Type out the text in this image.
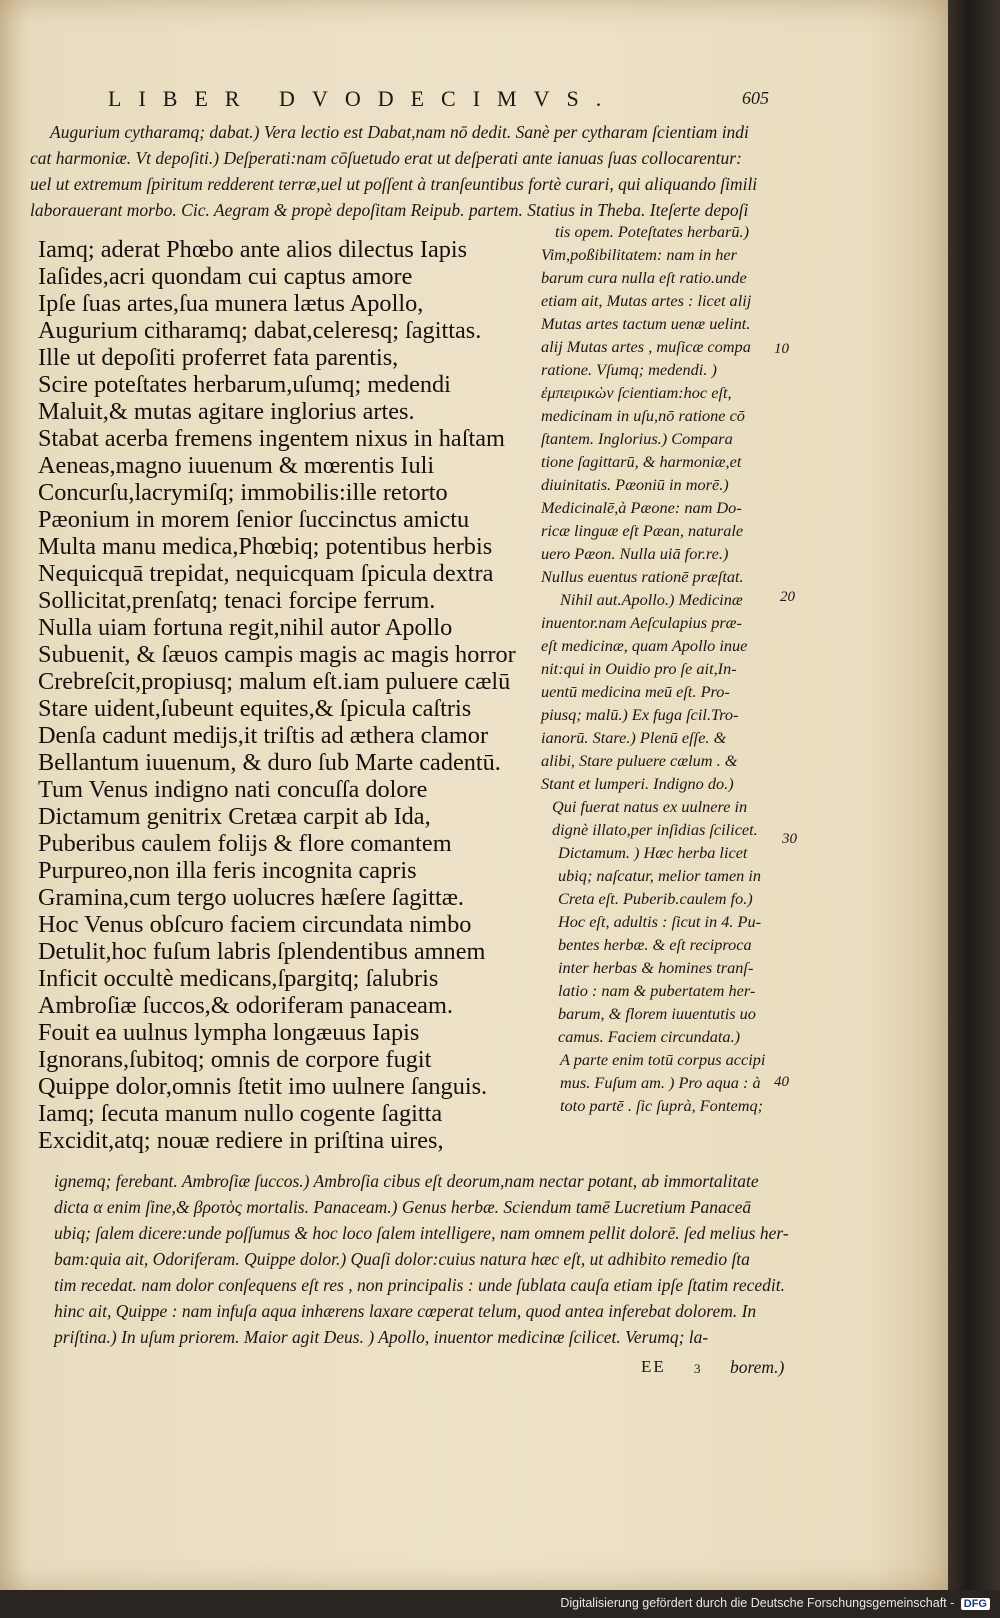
LIBER DVODECIMVS.	605
Augurium cytharamq; dabat.) Vera lectio est Dabat,nam nō dedit. Sanè per cytharam ſcientiam indi
cat harmoniæ. Vt depoſiti.) Deſperati:nam cōſuetudo erat ut deſperati ante ianuas ſuas collocarentur:
uel ut extremum ſpiritum redderent terræ,uel ut poſſent à tranſeuntibus fortè curari, qui aliquando ſimili
laborauerant morbo. Cic. Aegram & propè depoſitam Reipub. partem. Statius in Theba. Iteſerte depoſi
Iamq; aderat Phœbo ante alios dilectus Iapis
Iaſides,acri quondam cui captus amore
Ipſe ſuas artes,ſua munera lætus Apollo,
Augurium citharamq; dabat,celeresq; ſagittas.
Ille ut depoſiti proferret fata parentis,
Scire poteſtates herbarum,uſumq; medendi
Maluit,& mutas agitare inglorius artes.
Stabat acerba fremens ingentem nixus in haſtam
Aeneas,magno iuuenum & mœrentis Iuli
Concurſu,lacrymiſq; immobilis:ille retorto
Pæonium in morem ſenior ſuccinctus amictu
Multa manu medica,Phœbiq; potentibus herbis
Nequicquā trepidat, nequicquam ſpicula dextra
Sollicitat,prenſatq; tenaci forcipe ferrum.
Nulla uiam fortuna regit,nihil autor Apollo
Subuenit, & ſæuos campis magis ac magis horror
Crebreſcit,propiusq; malum eſt.iam puluere cælū
Stare uident,ſubeunt equites,& ſpicula caſtris
Denſa cadunt medijs,it triſtis ad æthera clamor
Bellantum iuuenum, & duro ſub Marte cadentū.
Tum Venus indigno nati concuſſa dolore
Dictamum genitrix Cretæa carpit ab Ida,
Puberibus caulem folijs & flore comantem
Purpureo,non illa feris incognita capris
Gramina,cum tergo uolucres hæſere ſagittæ.
Hoc Venus obſcuro faciem circundata nimbo
Detulit,hoc fuſum labris ſplendentibus amnem
Inficit occultè medicans,ſpargitq; ſalubris
Ambroſiæ ſuccos,& odoriferam panaceam.
Fouit ea uulnus lympha longæuus Iapis
Ignorans,ſubitoq; omnis de corpore fugit
Quippe dolor,omnis ſtetit imo uulnere ſanguis.
Iamq; ſecuta manum nullo cogente ſagitta
Excidit,atq; nouæ rediere in priſtina uires,
tis opem. Poteſtates herbarū.)
Vim,poßibilitatem: nam in her
barum cura nulla eſt ratio.unde
etiam ait, Mutas artes : licet alij
Mutas artes tactum uenæ uelint.
alij Mutas artes , muſicæ compa
ratione. Vſumq; medendi. )
ἐμπειρικὼν ſcientiam:hoc eſt,
medicinam in uſu,nō ratione cō
ſtantem. Inglorius.) Compara
tione ſagittarū, & harmoniæ,et
diuinitatis. Pæoniū in morē.)
Medicinalē,à Pæone: nam Do-
ricæ linguæ eſt Pæan, naturale
uero Pæon. Nulla uiā for.re.)
Nullus euentus rationē præſtat.
Nihil aut.Apollo.) Medicinæ
inuentor.nam Aeſculapius præ-
eſt medicinæ, quam Apollo inue
nit:qui in Ouidio pro ſe ait,In-
uentū medicina meū eſt. Pro-
piusq; malū.) Ex fuga ſcil.Tro-
ianorū. Stare.) Plenū eſſe. &
alibi, Stare puluere cælum . &
Stant et lumperi. Indigno do.)
Qui fuerat natus ex uulnere in
dignè illato,per inſidias ſcilicet.
Dictamum. ) Hæc herba licet
ubiq; naſcatur, melior tamen in
Creta eſt. Puberib.caulem fo.)
Hoc eſt, adultis : ſicut in 4. Pu-
bentes herbæ. & eſt reciproca
inter herbas & homines tranſ-
latio : nam & pubertatem her-
barum, & florem iuuentutis uo
camus. Faciem circundata.)
A parte enim totū corpus accipi
mus. Fuſum am. ) Pro aqua : à
toto partē . ſic ſuprà, Fontemq;
10
20
30
40
ignemq; ferebant. Ambroſiæ ſuccos.) Ambroſia cibus eſt deorum,nam nectar potant, ab immortalitate
dicta α enim ſine,& βροτὸς mortalis. Panaceam.) Genus herbæ. Sciendum tamē Lucretium Panaceā
ubiq; ſalem dicere:unde poſſumus & hoc loco ſalem intelligere, nam omnem pellit dolorē. ſed melius her-
bam:quia ait, Odoriferam. Quippe dolor.) Quaſi dolor:cuius natura hæc eſt, ut adhibito remedio ſta
tim recedat. nam dolor conſequens eſt res , non principalis : unde ſublata cauſa etiam ipſe ſtatim recedit.
hinc ait, Quippe : nam infuſa aqua inhærens laxare cœperat telum, quod antea inferebat dolorem. In
priſtina.) In uſum priorem. Maior agit Deus. ) Apollo, inuentor medicinæ ſcilicet. Verumq; la-
EE 3 borem.)
Digitalisierung gefördert durch die Deutsche Forschungsgemeinschaft - DFG
